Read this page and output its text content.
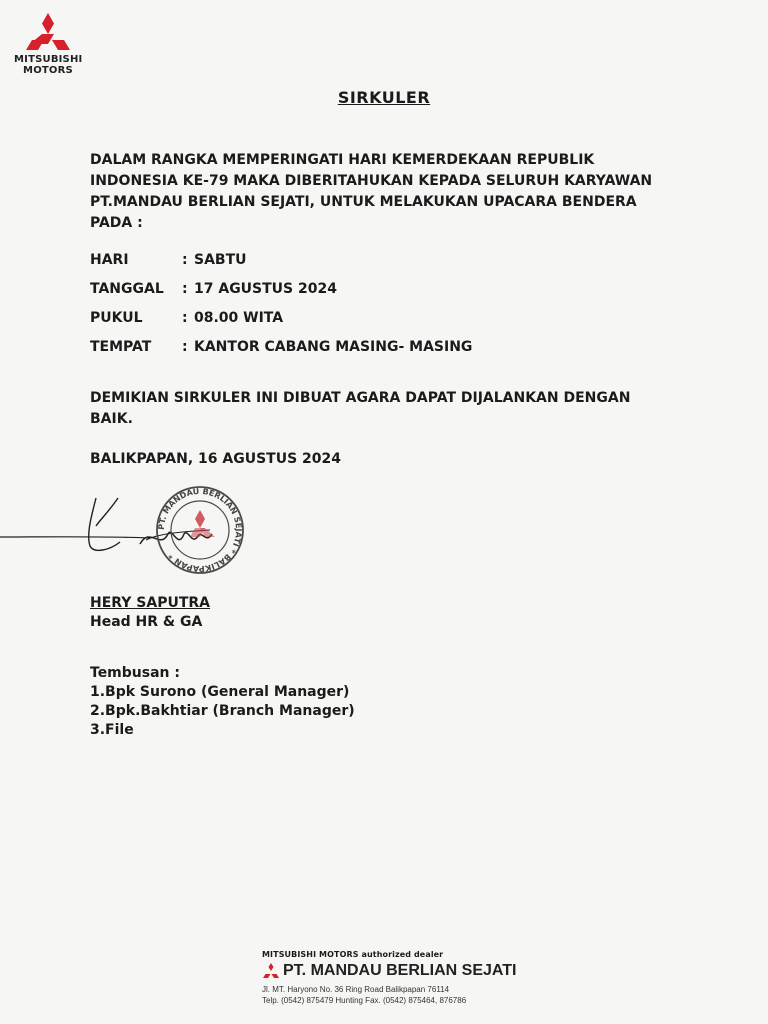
MITSUBISHI
MOTORS
SIRKULER
DALAM RANGKA MEMPERINGATI HARI KEMERDEKAAN REPUBLIK INDONESIA KE-79 MAKA DIBERITAHUKAN KEPADA SELURUH KARYAWAN PT.MANDAU BERLIAN SEJATI, UNTUK MELAKUKAN UPACARA BENDERA PADA :
HARI	: SABTU
TANGGAL	: 17 AGUSTUS 2024
PUKUL	: 08.00 WITA
TEMPAT	: KANTOR CABANG MASING- MASING
DEMIKIAN SIRKULER INI DIBUAT AGARA DAPAT DIJALANKAN DENGAN BAIK.
BALIKPAPAN, 16 AGUSTUS 2024
PT. MANDAU BERLIAN SEJATI * BALIKPAPAN *
HERY SAPUTRA
Head HR & GA
Tembusan :
1.Bpk Surono (General Manager)
2.Bpk.Bakhtiar (Branch Manager)
3.File
MITSUBISHI MOTORS authorized dealer
PT. MANDAU BERLIAN SEJATI
Jl. MT. Haryono No. 36 Ring Road Balikpapan 76114
Telp. (0542) 875479 Hunting Fax. (0542) 875464, 876786
